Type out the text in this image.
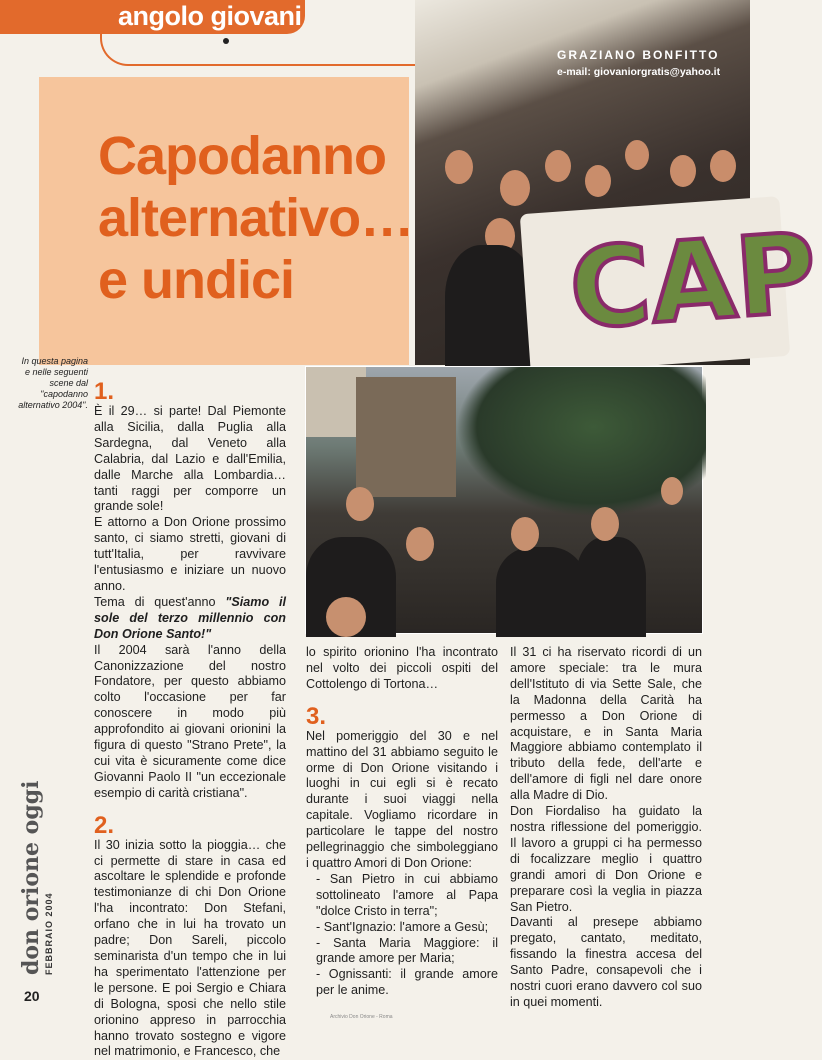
angolo giovani
CAP
GRAZIANO BONFITTO
e-mail: giovaniorgratis@yahoo.it
Capodanno
alternativo…
e undici
In questa pagina e nelle seguenti scene dal "capodanno alternativo 2004". 1.

È il 29… si parte! Dal Piemonte alla Sicilia, dalla Puglia alla Sardegna, dal Veneto alla Calabria, dal Lazio e dall'Emilia, dalle Marche alla Lombardia… tanti raggi per comporre un grande sole!

E attorno a Don Orione prossimo santo, ci siamo stretti, giovani di tutt'Italia, per ravvivare l'entusiasmo e iniziare un nuovo anno.

Tema di quest'anno "Siamo il sole del terzo millennio con Don Orione Santo!"

Il 2004 sarà l'anno della Canonizzazione del nostro Fondatore, per questo abbiamo colto l'occasione per far conoscere in modo più approfondito ai giovani orionini la figura di questo "Strano Prete", la cui vita è sicuramente come dice Giovanni Paolo II "un eccezionale esempio di carità cristiana".

2.

Il 30 inizia sotto la pioggia… che ci permette di stare in casa ed ascoltare le splendide e profonde testimonianze di chi Don Orione l'ha incontrato: Don Stefani, orfano che in lui ha trovato un padre; Don Sareli, piccolo seminarista d'un tempo che in lui ha sperimentato l'attenzione per le persone. E poi Sergio e Chiara di Bologna, sposi che nello stile orionino appreso in parrocchia hanno trovato sostegno e vigore nel matrimonio, e Francesco, che

lo spirito orionino l'ha incontrato nel volto dei piccoli ospiti del Cottolengo di Tortona…

3.

Nel pomeriggio del 30 e nel mattino del 31 abbiamo seguito le orme di Don Orione visitando i luoghi in cui egli si è recato durante i suoi viaggi nella capitale. Vogliamo ricordare in particolare le tappe del nostro pellegrinaggio che simboleggiano i quattro Amori di Don Orione:

- San Pietro in cui abbiamo sottolineato l'amore al Papa "dolce Cristo in terra";

- Sant'Ignazio: l'amore a Gesù;

- Santa Maria Maggiore: il grande amore per Maria;

- Ognissanti: il grande amore per le anime.

Il 31 ci ha riservato ricordi di un amore speciale: tra le mura dell'Istituto di via Sette Sale, che la Madonna della Carità ha permesso a Don Orione di acquistare, e in Santa Maria Maggiore abbiamo contemplato il tributo della fede, dell'arte e dell'amore di figli nel dare onore alla Madre di Dio.

Don Fiordaliso ha guidato la nostra riflessione del pomeriggio. Il lavoro a gruppi ci ha permesso di focalizzare meglio i quattro grandi amori di Don Orione e preparare così la veglia in piazza San Pietro.

Davanti al presepe abbiamo pregato, cantato, meditato, fissando la finestra accesa del Santo Padre, consapevoli che i nostri cuori erano davvero col suo in quei momenti.

don orione oggi FEBBRAIO 2004
20
Archivio Don Orione - Roma
